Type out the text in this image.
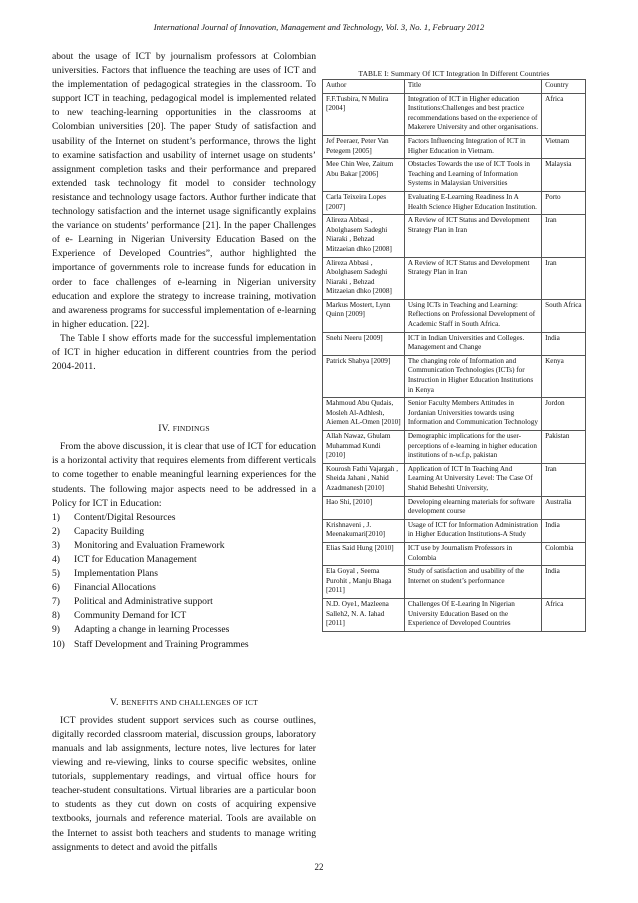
International Journal of Innovation, Management and Technology, Vol. 3, No. 1, February 2012

about the usage of ICT by journalism professors at Colombian universities. Factors that influence the teaching are uses of ICT and the implementation of pedagogical strategies in the classroom. To support ICT in teaching, pedagogical model is implemented related to new teaching-learning opportunities in the classrooms at Colombian universities [20]. The paper Study of satisfaction and usability of the Internet on student’s performance, throws the light to examine satisfaction and usability of internet usage on students’ assignment completion tasks and their performance and prepared extended task technology fit model to consider technology resistance and technology usage factors. Author further indicate that technology satisfaction and the internet usage significantly explains the variance on students’ performance [21]. In the paper Challenges of e- Learning in Nigerian University Education Based on the Experience of Developed Countries”, author highlighted the importance of governments role to increase funds for education in order to face challenges of e-learning in Nigerian university education and explore the strategy to increase training, motivation and awareness programs for successful implementation of e-learning in higher education. [22].

The Table I show efforts made for the successful implementation of ICT in higher education in different countries from the period 2004-2011.

IV. FINDINGS

From the above discussion, it is clear that use of ICT for education is a horizontal activity that requires elements from different verticals to come together to enable meaningful learning experiences for the students. The following major aspects need to be addressed in a Policy for ICT in Education:

1)	Content/Digital Resources
2)	Capacity Building
3)	Monitoring and Evaluation Framework
4)	ICT for Education Management
5)	Implementation Plans
6)	Financial Allocations
7)	Political and Administrative support
8)	Community Demand for ICT
9)	Adapting a change in learning Processes
10) Staff Development and Training Programmes
V. BENEFITS AND CHALLENGES OF ICT

ICT provides student support services such as course outlines, digitally recorded classroom material, discussion groups, laboratory manuals and lab assignments, lecture notes, live lectures for later viewing and re-viewing, links to course specific websites, online tutorials, supplementary readings, and virtual office hours for teacher-student consultations. Virtual libraries are a particular boon to students as they cut down on costs of acquiring expensive textbooks, journals and reference material. Tools are available on the Internet to assist both teachers and students to manage writing assignments to detect and avoid the pitfalls

TABLE I: Summary Of ICT Integration In Different Countries
Author	Title	Country
F.F.Tusbira, N Mulira [2004]	Integration of ICT in Higher education Institutions:Challenges and best practice recommendations based on the experience of Makerere University and other organisations.	Africa
Jef Peeraer, Peter Van Petegem [2005]	Factors Influencing Integration of ICT in Higher Education in Vietnam.	Vietnam
Mee Chin Wee, Zaitum Abu Bakar [2006]	Obstacles Towards the use of ICT Tools in Teaching and Learning of Information Systems in Malaysian Universities	Malaysia
Carla Teixeira Lopes [2007]	Evaluating E-Learning Readiness In A Health Science Higher Education Institution.	Porto
Alireza Abbasi , Abolghasem Sadeghi Niaraki , Behzad Mitzaeian dhko [2008]	A Review of ICT Status and Development Strategy Plan in Iran	Iran
Alireza Abbasi , Abolghasem Sadeghi Niaraki , Behzad Mitzaeian dhko [2008]	A Review of ICT Status and Development Strategy Plan in Iran	Iran
Markus Mostert, Lynn Quinn [2009]	Using ICTs in Teaching and Learning: Reflections on Professional Development of Academic Staff in South Africa.	South Africa
Snehi Neeru [2009]	ICT in Indian Universities and Colleges. Management and Change	India
Patrick Shabya [2009]	The changing role of Information and Communication Technologies (ICTs) for Instruction in Higher Education Institutions in Kenya	Kenya
Mahmoud Abu Qudais, Mosleh Al-Adhlesh, Aiemen AL-Omen [2010]	Senior Faculty Members Attitudes in Jordanian Universities towards using Information and Communication Technology	Jordon
Allah Nawaz, Ghulam Muhammad Kundi [2010]	Demographic implications for the user-perceptions of e-learning in higher education institutions of n-w.f.p, pakistan	Pakistan
Kourosh Fathi Vajargah , Sheida Jahani , Nahid Azadmanesh [2010]	Application of ICT In Teaching And Learning At University Level: The Case Of Shahid Beheshti University,	Iran
Hao Shi, [2010]	Developing elearning materials for software development course	Australia
Krishnaveni , J. Meenakumari[2010]	Usage of ICT for Information Administration in Higher Education Institutions-A Study	India
Elias Said Hung [2010]	ICT use by Journalism Professors in Colombia	Colombia
Ela Goyal , Seema Purohit , Manju Bhaga [2011]	Study of satisfaction and usability of the Internet on student’s performance	India
N.D. Oye1, Mazleena Salleh2, N. A. Iahad [2011]	Challenges Of E-Learing In Nigerian University Education Based on the Experience of Developed Countries	Africa
22
